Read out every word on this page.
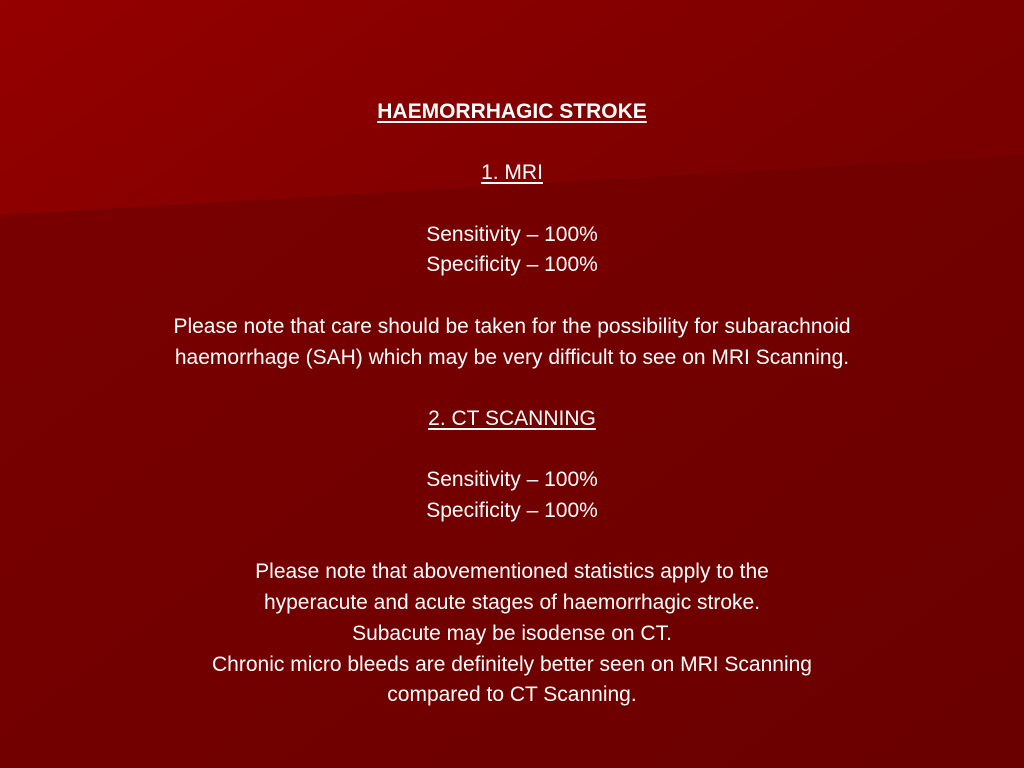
HAEMORRHAGIC STROKE

1. MRI

Sensitivity – 100%

Specificity – 100%

Please note that care should be taken for the possibility for subarachnoid

haemorrhage (SAH) which may be very difficult to see on MRI Scanning.

2. CT SCANNING

Sensitivity – 100%

Specificity – 100%

Please note that abovementioned statistics apply to the

hyperacute and acute stages of haemorrhagic stroke.

Subacute may be isodense on CT.

Chronic micro bleeds are definitely better seen on MRI Scanning

compared to CT Scanning.
